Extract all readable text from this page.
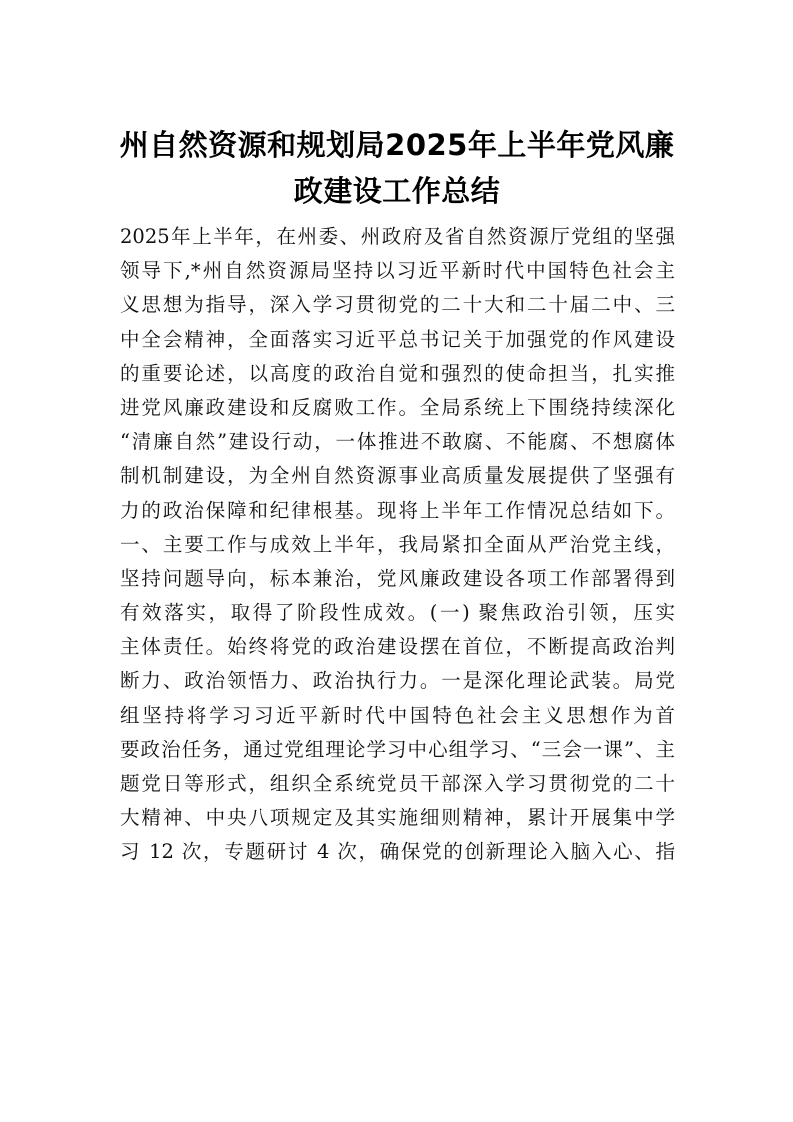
州自然资源和规划局2025年上半年党风廉
政建设工作总结
2025年上半年，在州委、州政府及省自然资源厅党组的坚强
领导下,*州自然资源局坚持以习近平新时代中国特色社会主
义思想为指导，深入学习贯彻党的二十大和二十届二中、三
中全会精神，全面落实习近平总书记关于加强党的作风建设
的重要论述，以高度的政治自觉和强烈的使命担当，扎实推
进党风廉政建设和反腐败工作。全局系统上下围绕持续深化
“清廉自然”建设行动，一体推进不敢腐、不能腐、不想腐体
制机制建设，为全州自然资源事业高质量发展提供了坚强有
力的政治保障和纪律根基。现将上半年工作情况总结如下。
一、主要工作与成效上半年，我局紧扣全面从严治党主线，
坚持问题导向，标本兼治，党风廉政建设各项工作部署得到
有效落实，取得了阶段性成效。(一) 聚焦政治引领，压实
主体责任。始终将党的政治建设摆在首位，不断提高政治判
断力、政治领悟力、政治执行力。一是深化理论武装。局党
组坚持将学习习近平新时代中国特色社会主义思想作为首
要政治任务，通过党组理论学习中心组学习、“三会一课”、主
题党日等形式，组织全系统党员干部深入学习贯彻党的二十
大精神、中央八项规定及其实施细则精神，累计开展集中学
习 12 次，专题研讨 4 次，确保党的创新理论入脑入心、指
